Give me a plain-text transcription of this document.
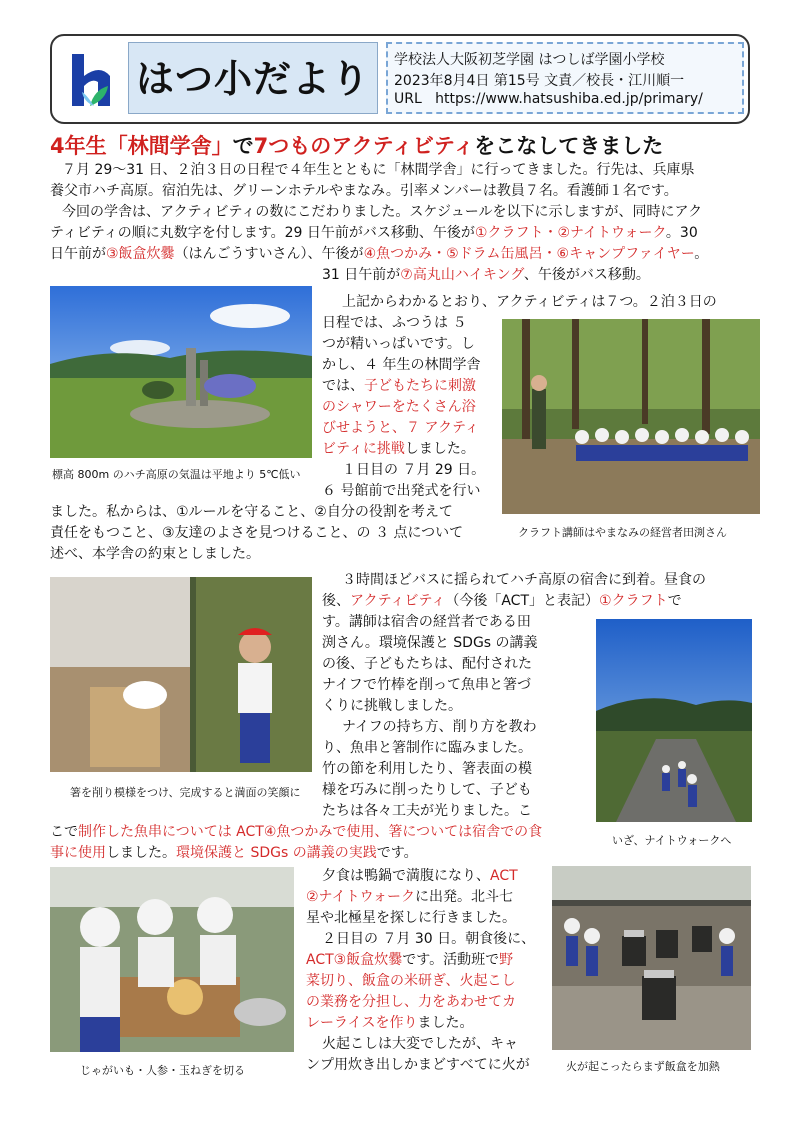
はつ小だより	学校法人大阪初芝学園 はつしば学園小学校
2023年8月4日 第15号 文責／校長・江川順一
URL https://www.hatsushiba.ed.jp/primary/
4年生「林間学舎」で7つものアクティビティをこなしてきました
７月 29～31 日、２泊３日の日程で４年生とともに「林間学舎」に行ってきました。行先は、兵庫県
養父市ハチ高原。宿泊先は、グリーンホテルやまなみ。引率メンバーは教員７名。看護師１名です。
今回の学舎は、アクティビティの数にこだわりました。スケジュールを以下に示しますが、同時にアク
ティビティの順に丸数字を付します。29 日午前がバス移動、午後が①クラフト・②ナイトウォーク。30
日午前が③飯盒炊爨（はんごうすいさん）、午後が④魚つかみ・⑤ドラム缶風呂・⑥キャンプファイヤー。
31 日午前が⑦高丸山ハイキング、午後がバス移動。
標高 800m のハチ高原の気温は平地より 5℃低い
上記からわかるとおり、アクティビティは７つ。２泊３日の
日程では、ふつうは ５
つが精いっぱいです。し
かし、４ 年生の林間学舎
では、子どもたちに刺激
のシャワーをたくさん浴
びせようと、７ アクティ
ビティに挑戦しました。
１日目の ７月 29 日。
６ 号館前で出発式を行い
ました。私からは、①ルールを守ること、②自分の役割を考えて
責任をもつこと、③友達のよさを見つけること、の ３ 点について
述べ、本学舎の約束としました。
クラフト講師はやまなみの経営者田渕さん
箸を削り模様をつけ、完成すると満面の笑顔に
３時間ほどバスに揺られてハチ高原の宿舎に到着。昼食の
後、アクティビティ（今後「ACT」と表記）①クラフトで
す。講師は宿舎の経営者である田
渕さん。環境保護と SDGs の講義
の後、子どもたちは、配付された
ナイフで竹棒を削って魚串と箸づ
くりに挑戦しました。
ナイフの持ち方、削り方を教わ
り、魚串と箸制作に臨みました。
竹の節を利用したり、箸表面の模
様を巧みに削ったりして、子ども
たちは各々工夫が光りました。こ
こで制作した魚串については ACT④魚つかみで使用、箸については宿舎での食
事に使用しました。環境保護と SDGs の講義の実践です。
いざ、ナイトウォークへ
じゃがいも・人参・玉ねぎを切る
夕食は鴨鍋で満腹になり、ACT
②ナイトウォークに出発。北斗七
星や北極星を探しに行きました。
２日目の ７月 30 日。朝食後に、
ACT③飯盒炊爨です。活動班で野
菜切り、飯盒の米研ぎ、火起こし
の業務を分担し、力をあわせてカ
レーライスを作りました。
火起こしは大変でしたが、キャ
ンプ用炊き出しかまどすべてに火が	火が起こったらまず飯盒を加熱
